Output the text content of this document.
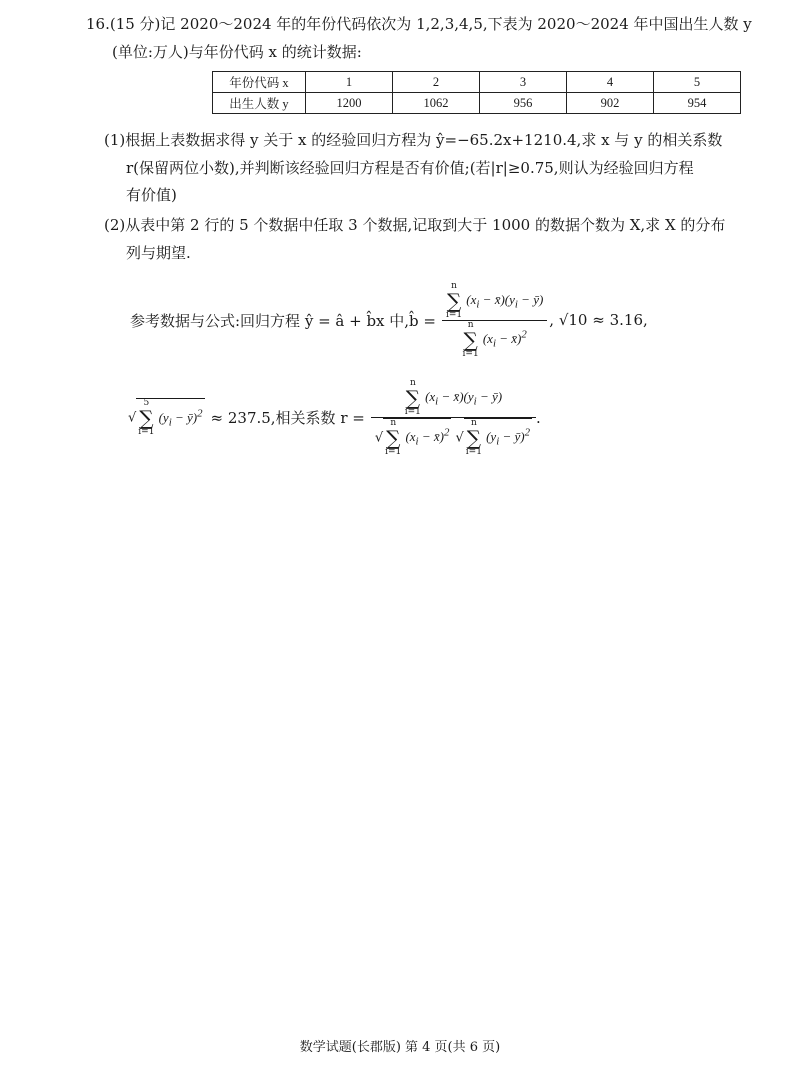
16.(15 分)记 2020～2024 年的年份代码依次为 1,2,3,4,5,下表为 2020～2024 年中国出生人数 y
(单位:万人)与年份代码 x 的统计数据:
年份代码 x	1	2	3	4	5
出生人数 y	1200	1062	956	902	954
(1)根据上表数据求得 y 关于 x 的经验回归方程为 ŷ=−65.2x+1210.4,求 x 与 y 的相关系数
r(保留两位小数),并判断该经验回归方程是否有价值;(若|r|≥0.75,则认为经验回归方程
有价值)
(2)从表中第 2 行的 5 个数据中任取 3 个数据,记取到大于 1000 的数据个数为 X,求 X 的分布
列与期望.
参考数据与公式:回归方程 ŷ = â + b̂x 中,b̂ = n
∑
i=1
($x_i$ − $x̄)(y_i$ − ȳ)
n
∑
i=1
($x_i$ − x̄)$^2$ , √10 ≈ 3.16,
√
5
∑
i=1
($y_i$ − ȳ)$^2$ ≈ 237.5,相关系数 r = n
∑
i=1
($x_i$ − $x̄)(y_i$ − ȳ)
√
n
∑
i=1
($x_i$ − x̄)$^2$ √
n
∑
i=1
($y_i$ − ȳ)$^2$ .
数学试题(长郡版) 第 4 页(共 6 页)
